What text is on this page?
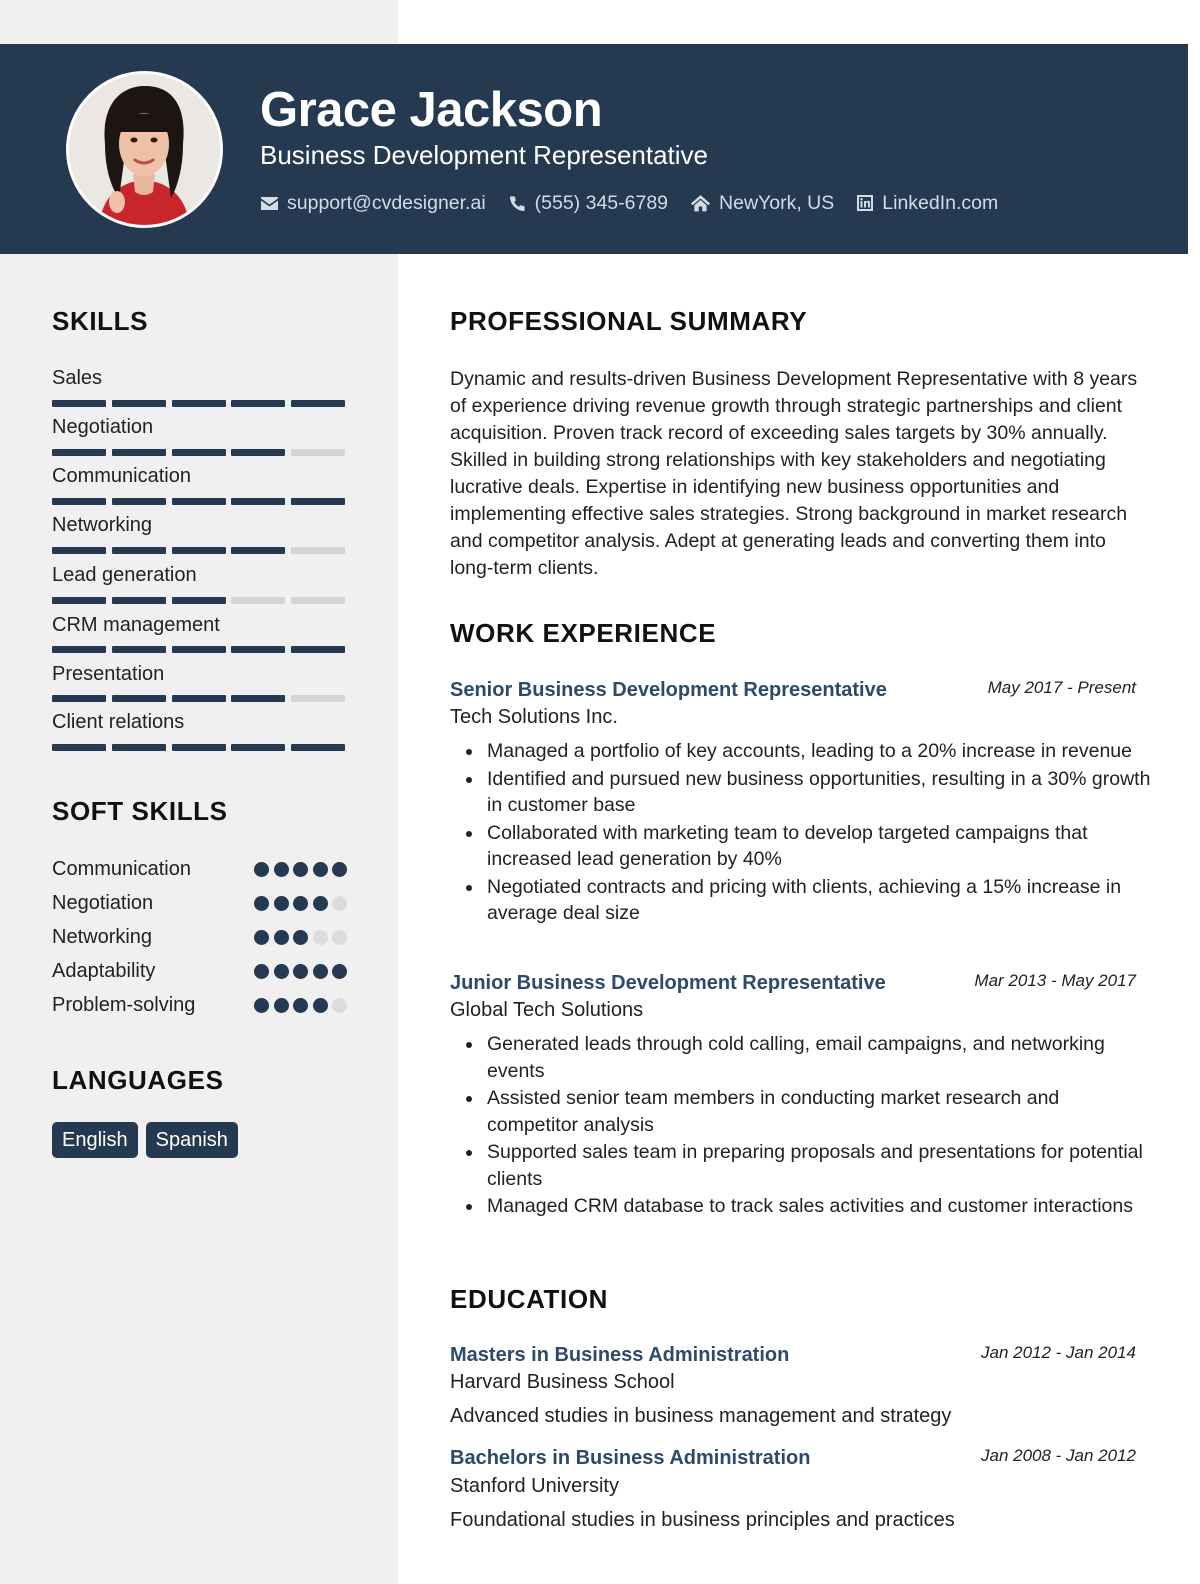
Grace Jackson
Business Development Representative
support@cvdesigner.ai	(555) 345-6789	NewYork, US LinkedIn.com
SKILLS
Sales
Negotiation
Communication
Networking
Lead generation
CRM management
Presentation
Client relations
SOFT SKILLS
Communication
Negotiation
Networking
Adaptability
Problem-solving
LANGUAGES
English	Spanish
PROFESSIONAL SUMMARY

Dynamic and results-driven Business Development Representative with 8 years of experience driving revenue growth through strategic partnerships and client acquisition. Proven track record of exceeding sales targets by 30% annually. Skilled in building strong relationships with key stakeholders and negotiating lucrative deals. Expertise in identifying new business opportunities and implementing effective sales strategies. Strong background in market research and competitor analysis. Adept at generating leads and converting them into long-term clients.

WORK EXPERIENCE
Senior Business Development Representative	May 2017 - Present
Tech Solutions Inc.
Managed a portfolio of key accounts, leading to a 20% increase in revenue
Identified and pursued new business opportunities, resulting in a 30% growth in customer base
Collaborated with marketing team to develop targeted campaigns that increased lead generation by 40%
Negotiated contracts and pricing with clients, achieving a 15% increase in average deal size
Junior Business Development Representative	Mar 2013 - May 2017
Global Tech Solutions
Generated leads through cold calling, email campaigns, and networking events
Assisted senior team members in conducting market research and competitor analysis
Supported sales team in preparing proposals and presentations for potential clients
Managed CRM database to track sales activities and customer interactions
EDUCATION
Masters in Business Administration	Jan 2012 - Jan 2014
Harvard Business School
Advanced studies in business management and strategy
Bachelors in Business Administration	Jan 2008 - Jan 2012
Stanford University
Foundational studies in business principles and practices
